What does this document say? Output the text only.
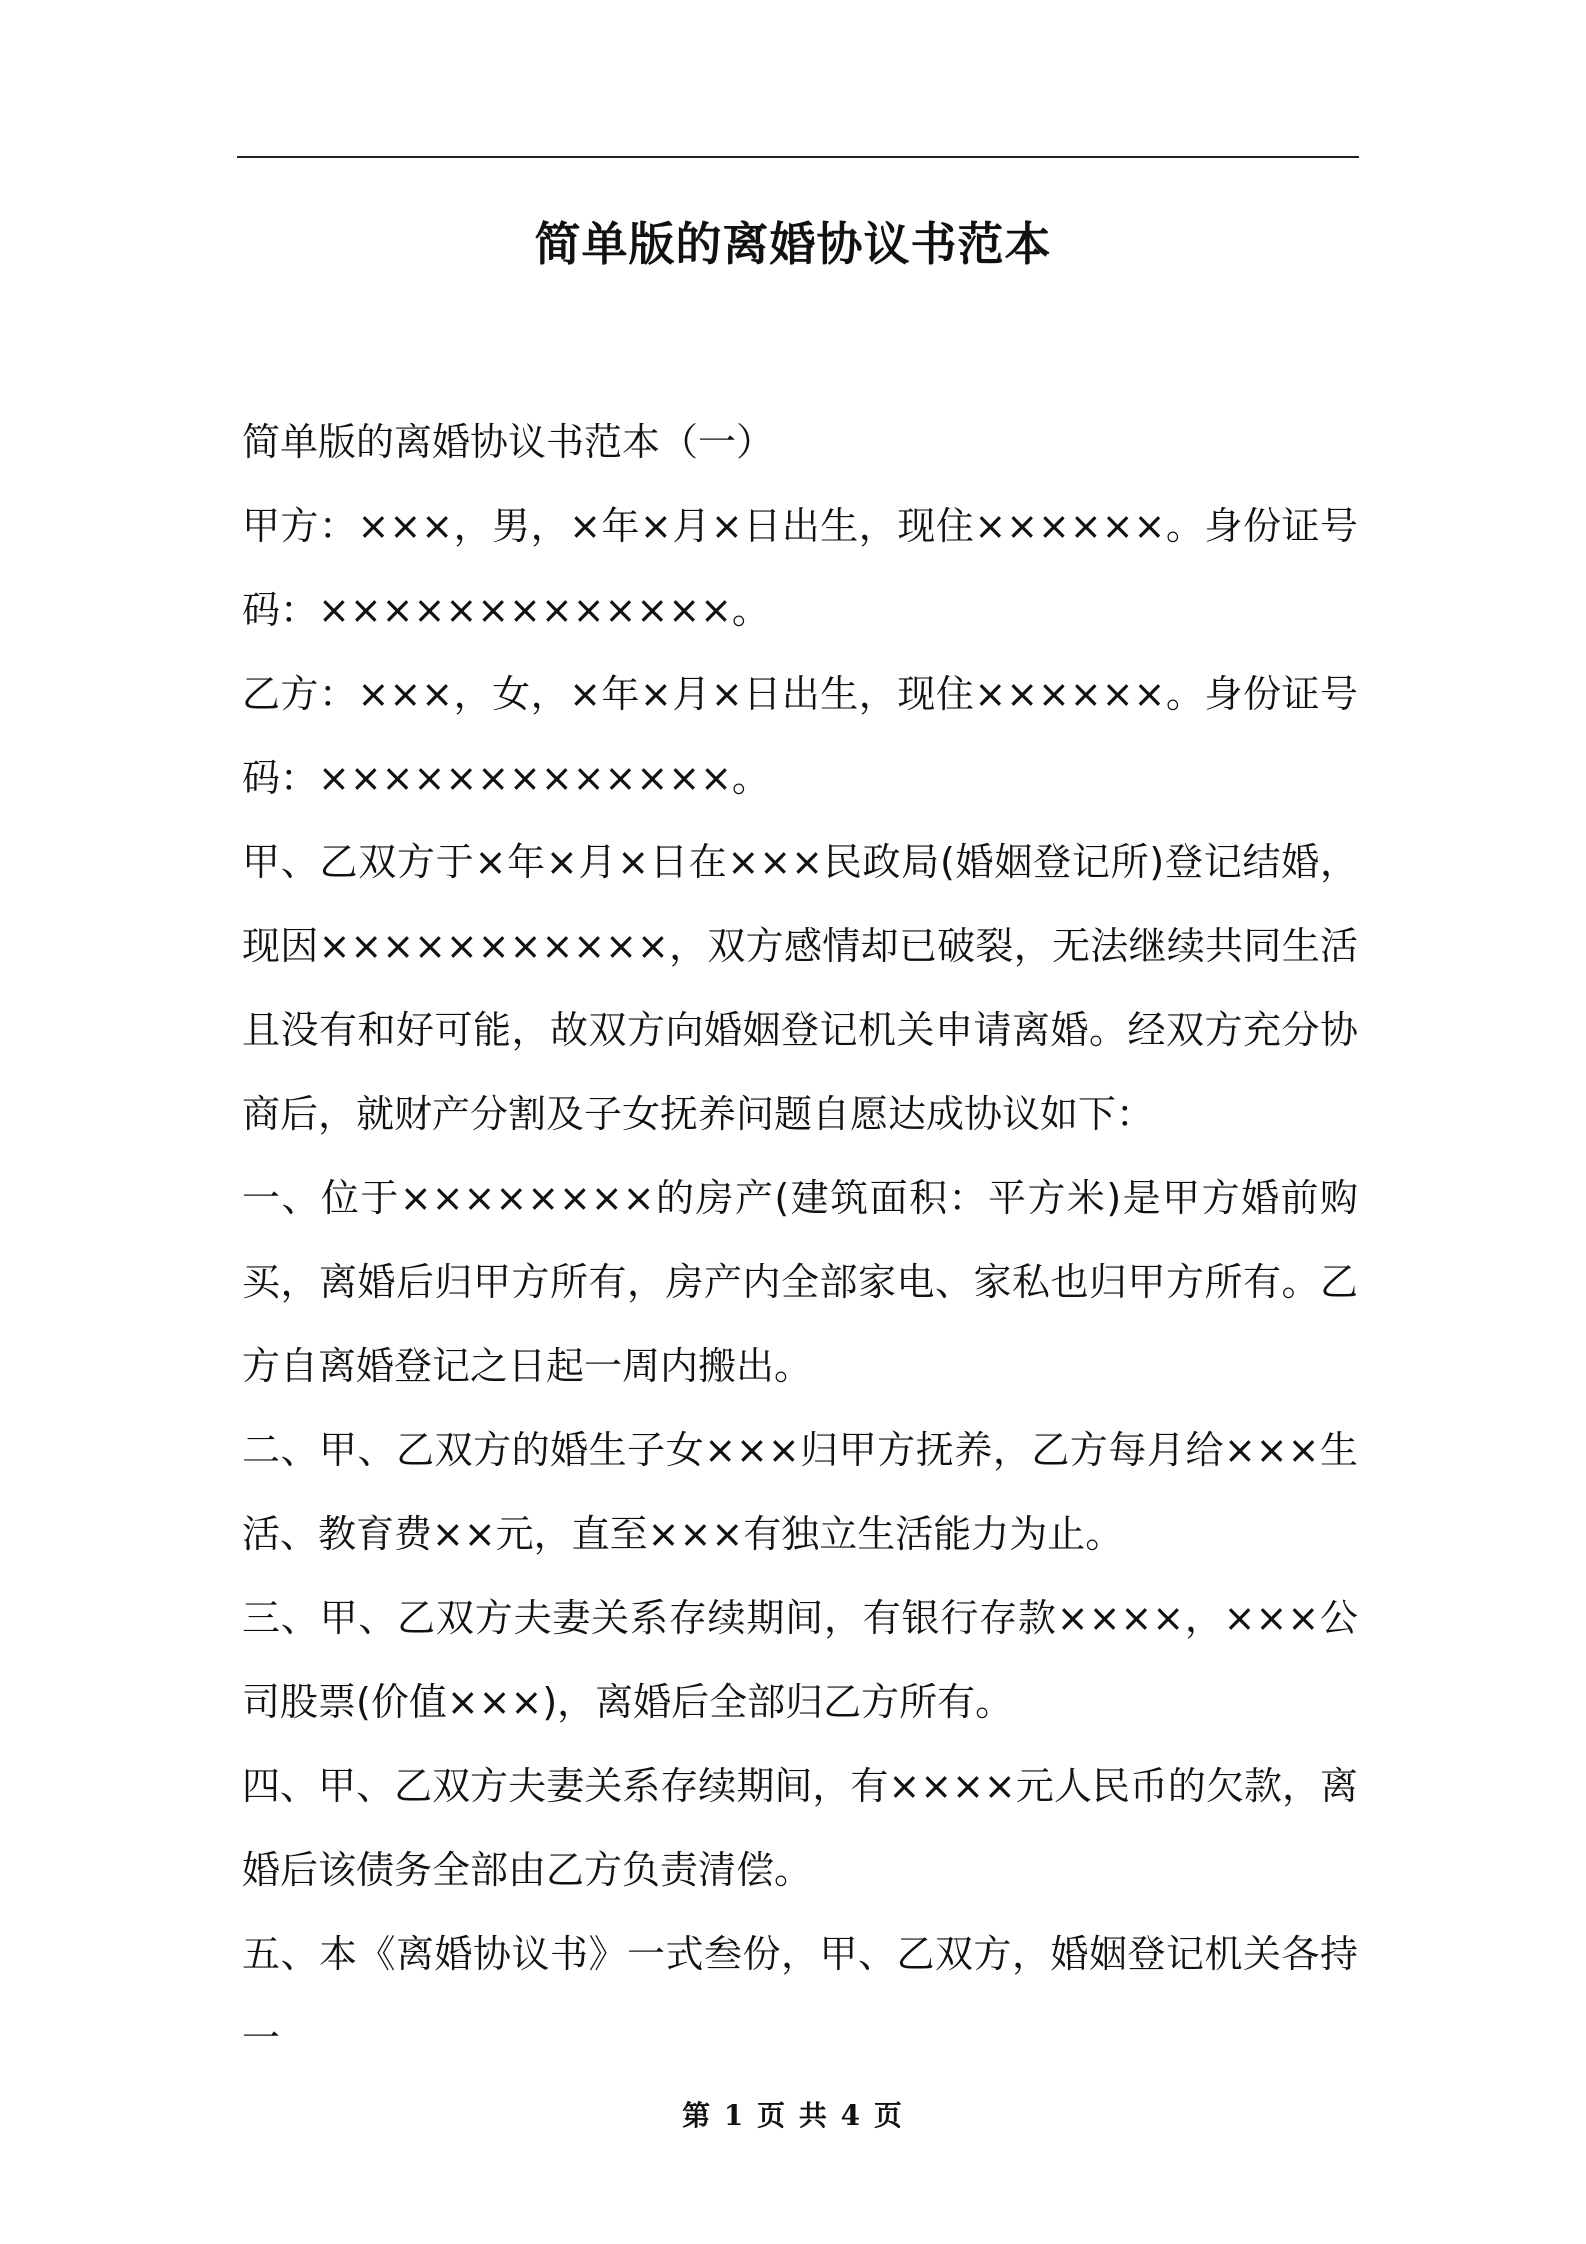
简单版的离婚协议书范本

简单版的离婚协议书范本（一）

甲方：×××，男，×年×月×日出生，现住××××××。身份证号码：×××××××××××××。

乙方：×××，女，×年×月×日出生，现住××××××。身份证号码：×××××××××××××。

甲、乙双方于×年×月×日在×××民政局(婚姻登记所)登记结婚，现因×××××××××××，双方感情却已破裂，无法继续共同生活且没有和好可能，故双方向婚姻登记机关申请离婚。经双方充分协商后，就财产分割及子女抚养问题自愿达成协议如下：

一、位于××××××××的房产(建筑面积：平方米)是甲方婚前购买，离婚后归甲方所有，房产内全部家电、家私也归甲方所有。乙方自离婚登记之日起一周内搬出。

二、甲、乙双方的婚生子女×××归甲方抚养，乙方每月给×××生活、教育费××元，直至×××有独立生活能力为止。

三、甲、乙双方夫妻关系存续期间，有银行存款××××，×××公司股票(价值×××)，离婚后全部归乙方所有。

四、甲、乙双方夫妻关系存续期间，有××××元人民币的欠款，离婚后该债务全部由乙方负责清偿。

五、本《离婚协议书》一式叁份，甲、乙双方，婚姻登记机关各持一

第 1 页 共 4 页
